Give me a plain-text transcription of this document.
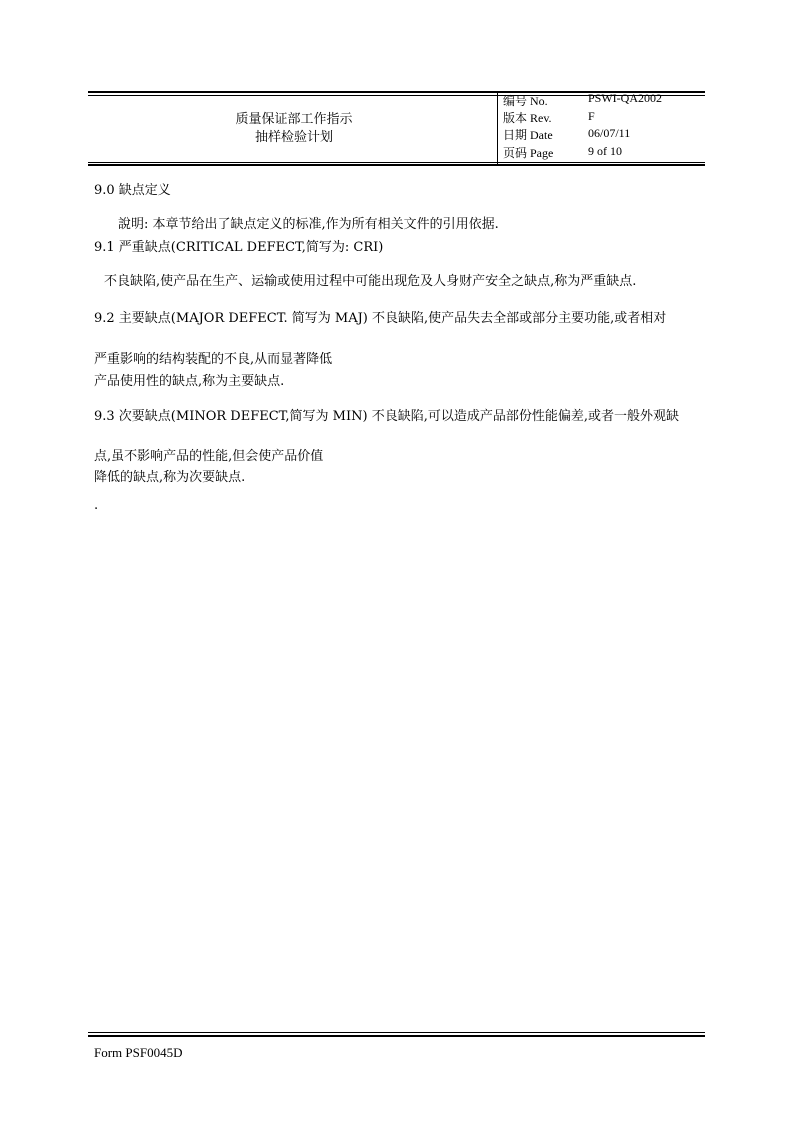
质量保证部工作指示
抽样检验计划
编号 No.	PSWI-QA2002
版本 Rev.	F
日期 Date	06/07/11
页码 Page	9 of 10
9.0 缺点定义
說明: 本章节给出了缺点定义的标准,作为所有相关文件的引用依据.
9.1 严重缺点(CRITICAL DEFECT,简写为: CRI)
不良缺陷,使产品在生产、运输或使用过程中可能出现危及人身财产安全之缺点,称为严重缺点.
9.2 主要缺点(MAJOR DEFECT. 简写为 MAJ) 不良缺陷,使产品失去全部或部分主要功能,或者相对
严重影响的结构装配的不良,从而显著降低
产品使用性的缺点,称为主要缺点.
9.3 次要缺点(MINOR DEFECT,简写为 MIN) 不良缺陷,可以造成产品部份性能偏差,或者一般外观缺
点,虽不影响产品的性能,但会使产品价值
降低的缺点,称为次要缺点.
.
Form PSF0045D
